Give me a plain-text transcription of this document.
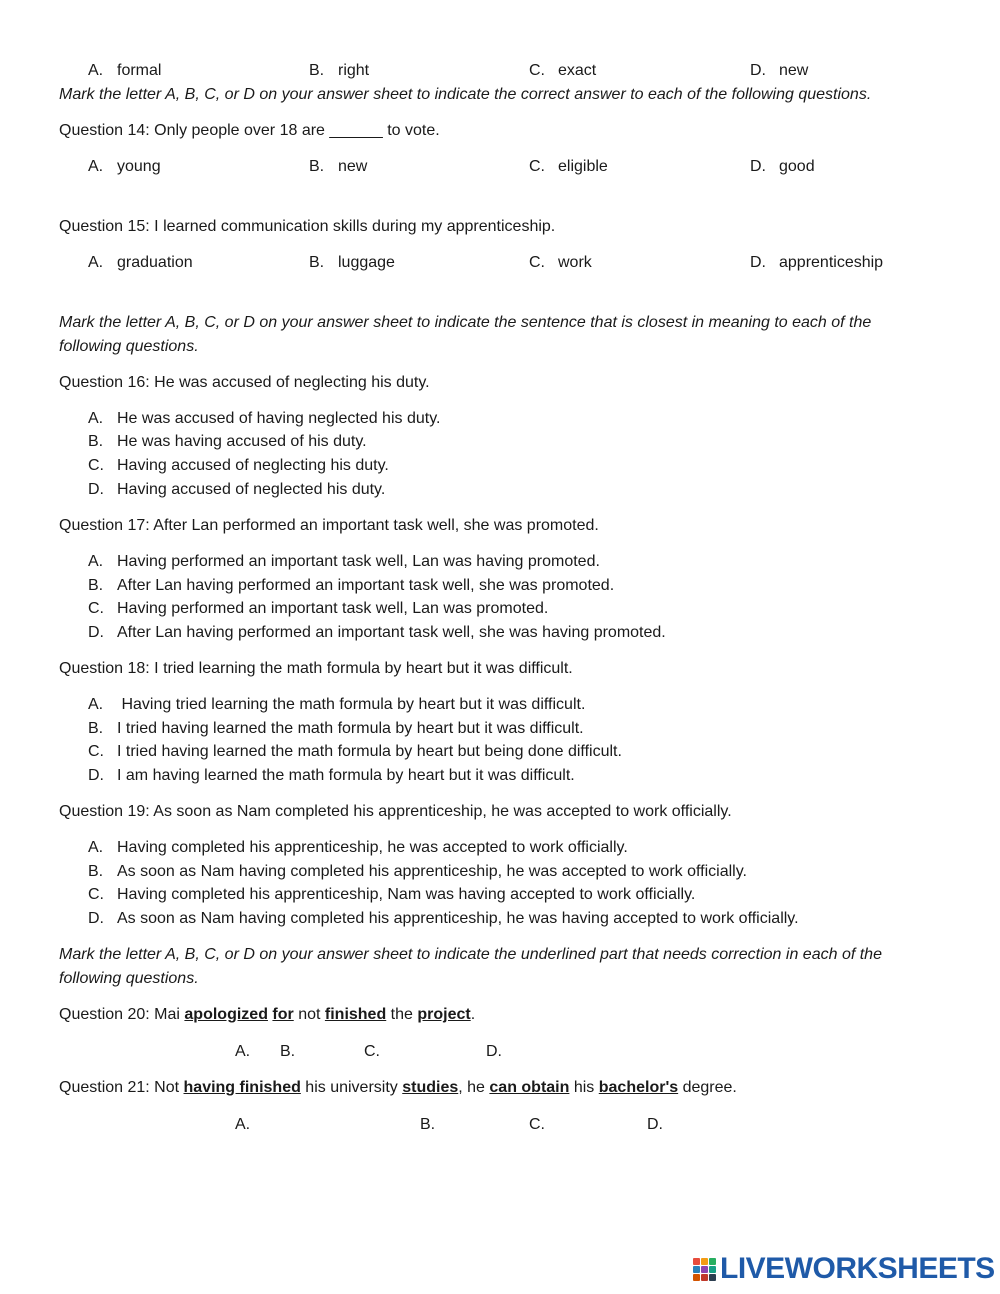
A. formal	B. right	C. exact	D. new
Mark the letter A, B, C, or D on your answer sheet to indicate the correct answer to each of the following questions.
Question 14: Only people over 18 are ______ to vote.
A. young	B. new	C. eligible	D. good
Question 15: I learned communication skills during my apprenticeship.
A. graduation	B. luggage	C. work	D. apprenticeship
Mark the letter A, B, C, or D on your answer sheet to indicate the sentence that is closest in meaning to each of the
following questions.
Question 16: He was accused of neglecting his duty.
A. He was accused of having neglected his duty.
B. He was having accused of his duty.
C. Having accused of neglecting his duty.
D. Having accused of neglected his duty.
Question 17: After Lan performed an important task well, she was promoted.
A. Having performed an important task well, Lan was having promoted.
B. After Lan having performed an important task well, she was promoted.
C. Having performed an important task well, Lan was promoted.
D. After Lan having performed an important task well, she was having promoted.
Question 18: I tried learning the math formula by heart but it was difficult.
A. Having tried learning the math formula by heart but it was difficult.
B. I tried having learned the math formula by heart but it was difficult.
C. I tried having learned the math formula by heart but being done difficult.
D. I am having learned the math formula by heart but it was difficult.
Question 19: As soon as Nam completed his apprenticeship, he was accepted to work officially.
A. Having completed his apprenticeship, he was accepted to work officially.
B. As soon as Nam having completed his apprenticeship, he was accepted to work officially.
C. Having completed his apprenticeship, Nam was having accepted to work officially.
D. As soon as Nam having completed his apprenticeship, he was having accepted to work officially.
Mark the letter A, B, C, or D on your answer sheet to indicate the underlined part that needs correction in each of the
following questions.
Question 20: Mai apologized for not finished the project.
A. B.	C.	D.
Question 21: Not having finished his university studies, he can obtain his bachelor's degree.
A.	B.	C.	D.
LIVEWORKSHEETS
